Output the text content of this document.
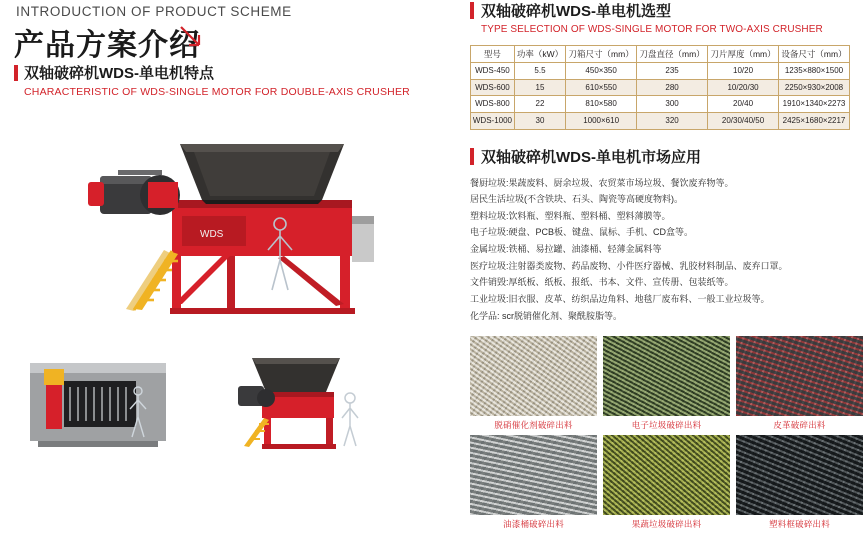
INTRODUCTION OF PRODUCT SCHEME
产品方案介绍
双轴破碎机WDS-单电机特点
CHARACTERISTIC OF WDS-SINGLE MOTOR FOR DOUBLE-AXIS CRUSHER
WDS
双轴破碎机WDS-单电机选型
TYPE SELECTION OF WDS-SINGLE MOTOR FOR TWO-AXIS CRUSHER
型号	功率（kW）	刀箱尺寸（mm）	刀盘直径（mm）	刀片厚度（mm）	设备尺寸（mm）
WDS-450	5.5	450×350	235	10/20	1235×880×1500
WDS-600	15	610×550	280	10/20/30	2250×930×2008
WDS-800	22	810×580	300	20/40	1910×1340×2273
WDS-1000	30	1000×610	320	20/30/40/50	2425×1680×2217
双轴破碎机WDS-单电机市场应用
餐厨垃圾:果蔬废料、厨余垃圾、农贸菜市场垃圾、餐饮废弃物等。
居民生活垃圾(不含铁块、石头、陶瓷等高硬度物料)。
塑料垃圾:饮料瓶、塑料瓶、塑料桶、塑料薄膜等。
电子垃圾:硬盘、PCB板、键盘、鼠标、手机、CD盒等。
金属垃圾:铁桶、易拉罐、油漆桶、轻薄金属料等
医疗垃圾:注射器类废物、药品废物、小件医疗器械、乳胶材料制品、废弃口罩。
文件销毁:厚纸板、纸板、报纸、书本、文件、宣传册、包装纸等。
工业垃圾:旧衣服、皮革、纺织品边角料、地毯厂废布料、一般工业垃圾等。
化学品: scr脱销催化剂、聚酰胺脂等。
脱硝催化剂破碎出料	电子垃圾破碎出料	皮革破碎出料
油漆桶破碎出料	果蔬垃圾破碎出料	塑料框破碎出料
